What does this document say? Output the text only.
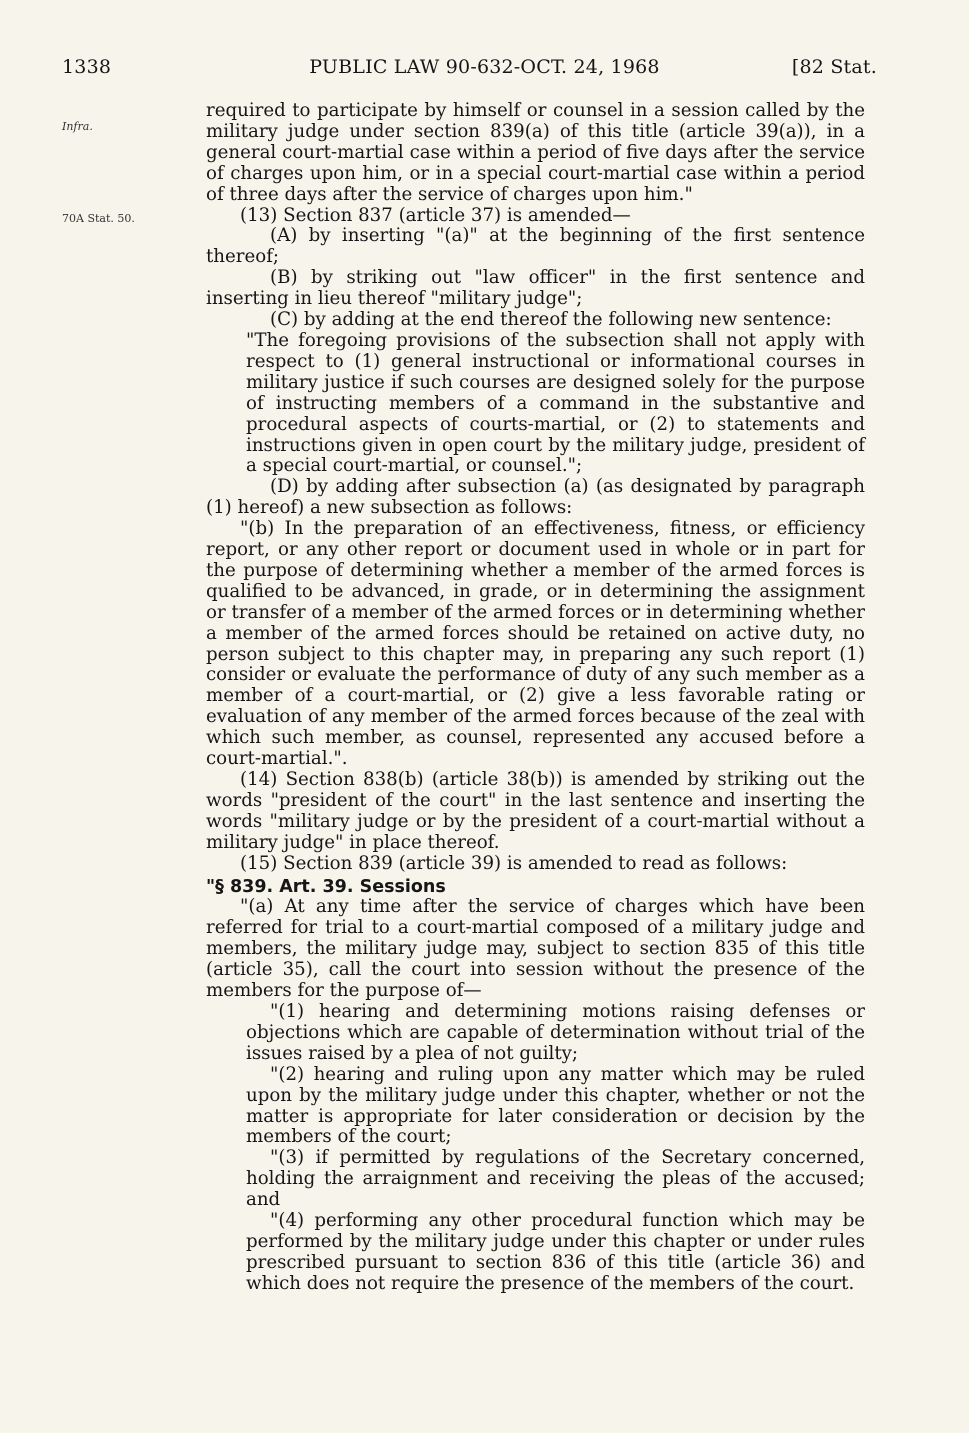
1338	PUBLIC LAW 90-632-OCT. 24, 1968	[82 Stat.
Infra.
70A Stat. 50.

required to participate by himself or counsel in a session called by the military judge under section 839(a) of this title (article 39(a)), in a general court-martial case within a period of five days after the service of charges upon him, or in a special court-martial case within a period of three days after the service of charges upon him."

(13) Section 837 (article 37) is amended—

(A) by inserting "(a)" at the beginning of the first sentence thereof;

(B) by striking out "law officer" in the first sentence and inserting in lieu thereof "military judge";

(C) by adding at the end thereof the following new sentence:

"The foregoing provisions of the subsection shall not apply with respect to (1) general instructional or informational courses in military justice if such courses are designed solely for the purpose of instructing members of a command in the substantive and procedural aspects of courts-martial, or (2) to statements and instructions given in open court by the military judge, president of a special court-martial, or counsel.";

(D) by adding after subsection (a) (as designated by paragraph (1) hereof) a new subsection as follows:

"(b) In the preparation of an effectiveness, fitness, or efficiency report, or any other report or document used in whole or in part for the purpose of determining whether a member of the armed forces is qualified to be advanced, in grade, or in determining the assignment or transfer of a member of the armed forces or in determining whether a member of the armed forces should be retained on active duty, no person subject to this chapter may, in preparing any such report (1) consider or evaluate the performance of duty of any such member as a member of a court-martial, or (2) give a less favorable rating or evaluation of any member of the armed forces because of the zeal with which such member, as counsel, represented any accused before a court-martial.".

(14) Section 838(b) (article 38(b)) is amended by striking out the words "president of the court" in the last sentence and inserting the words "military judge or by the president of a court-martial without a military judge" in place thereof.

(15) Section 839 (article 39) is amended to read as follows:

"§ 839. Art. 39. Sessions

"(a) At any time after the service of charges which have been referred for trial to a court-martial composed of a military judge and members, the military judge may, subject to section 835 of this title (article 35), call the court into session without the presence of the members for the purpose of—

"(1) hearing and determining motions raising defenses or objections which are capable of determination without trial of the issues raised by a plea of not guilty;

"(2) hearing and ruling upon any matter which may be ruled upon by the military judge under this chapter, whether or not the matter is appropriate for later consideration or decision by the members of the court;

"(3) if permitted by regulations of the Secretary concerned, holding the arraignment and receiving the pleas of the accused; and

"(4) performing any other procedural function which may be performed by the military judge under this chapter or under rules prescribed pursuant to section 836 of this title (article 36) and which does not require the presence of the members of the court.
